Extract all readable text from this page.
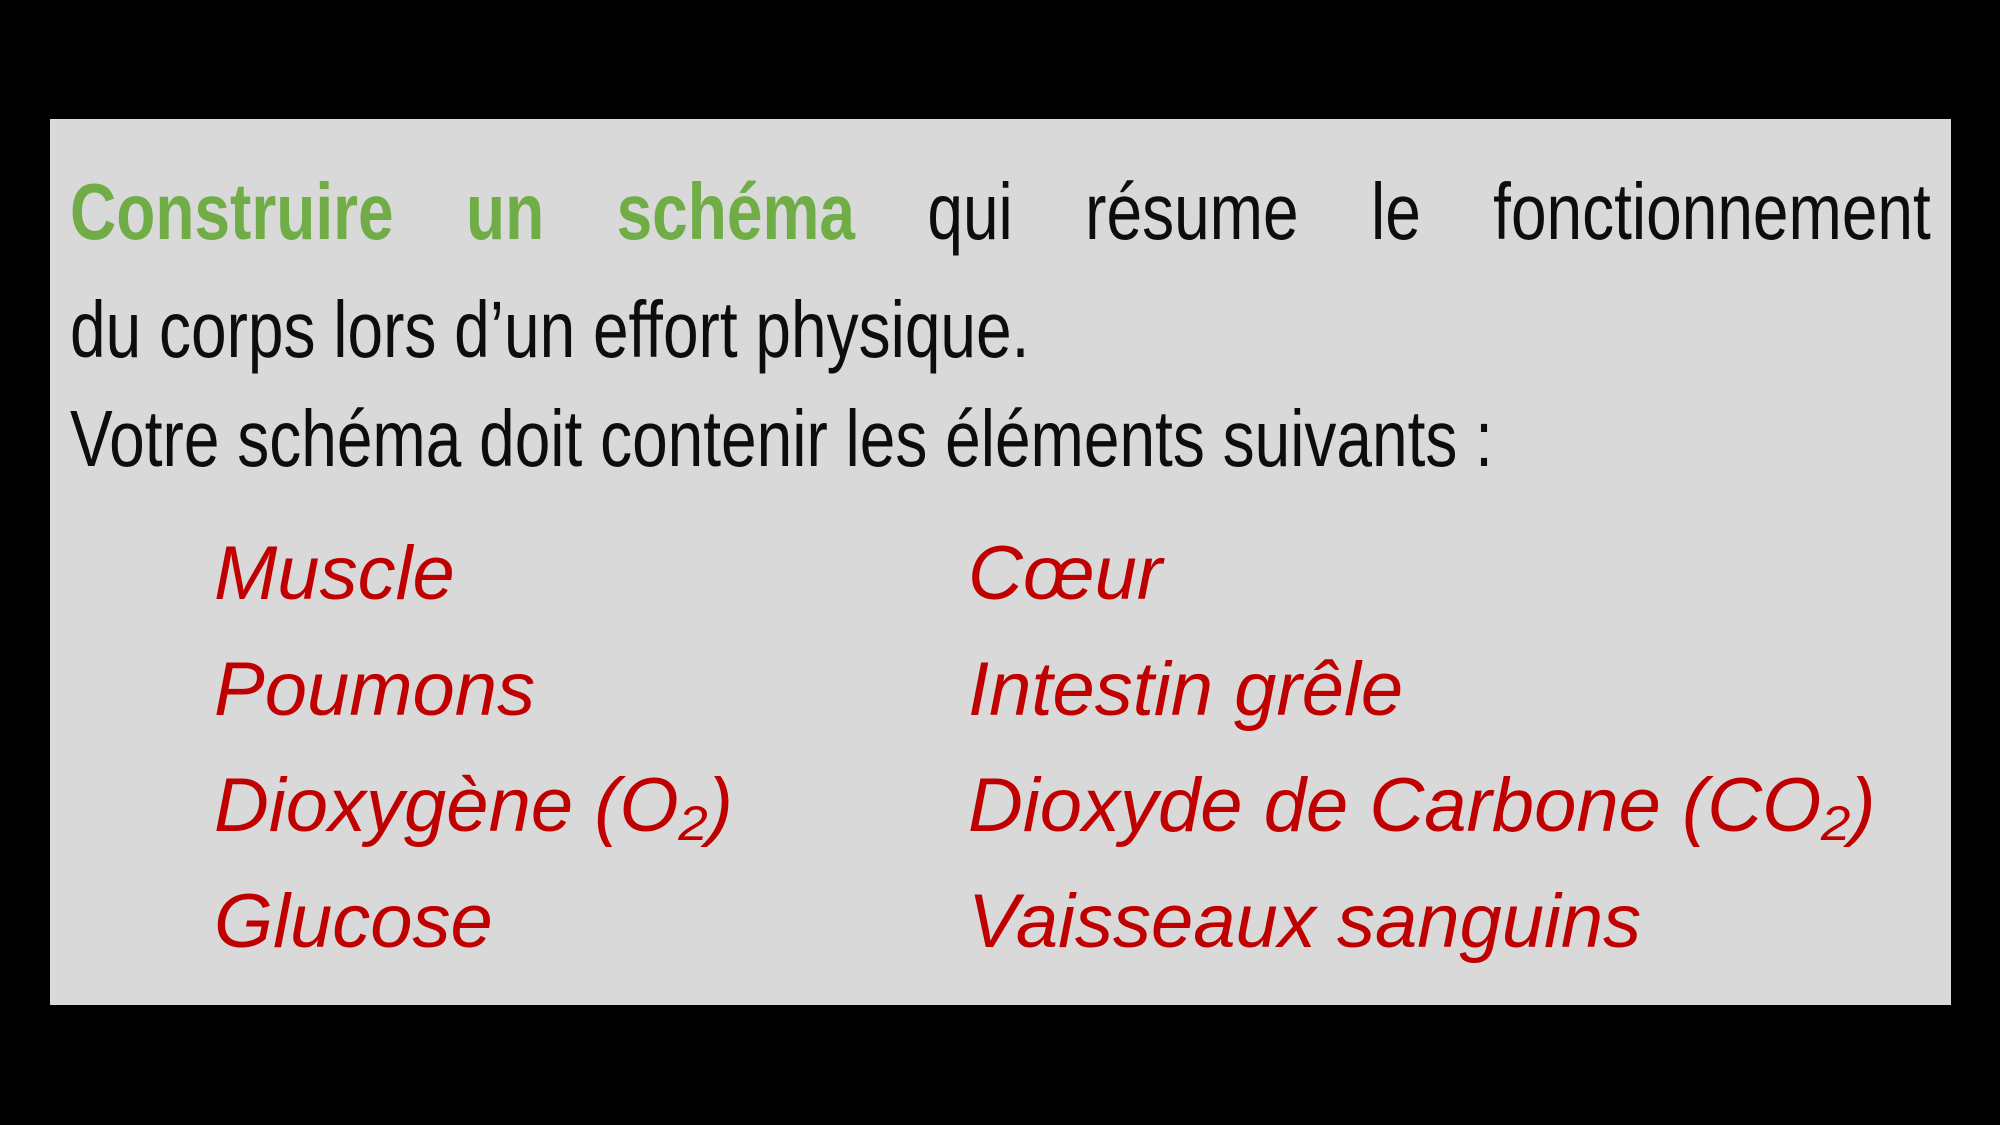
Construire un schéma qui résume le fonctionnement
du corps lors d’un effort physique.
Votre schéma doit contenir les éléments suivants :
Muscle
Poumons
Dioxygène (O₂)
Glucose
Cœur
Intestin grêle
Dioxyde de Carbone (CO₂)
Vaisseaux sanguins
